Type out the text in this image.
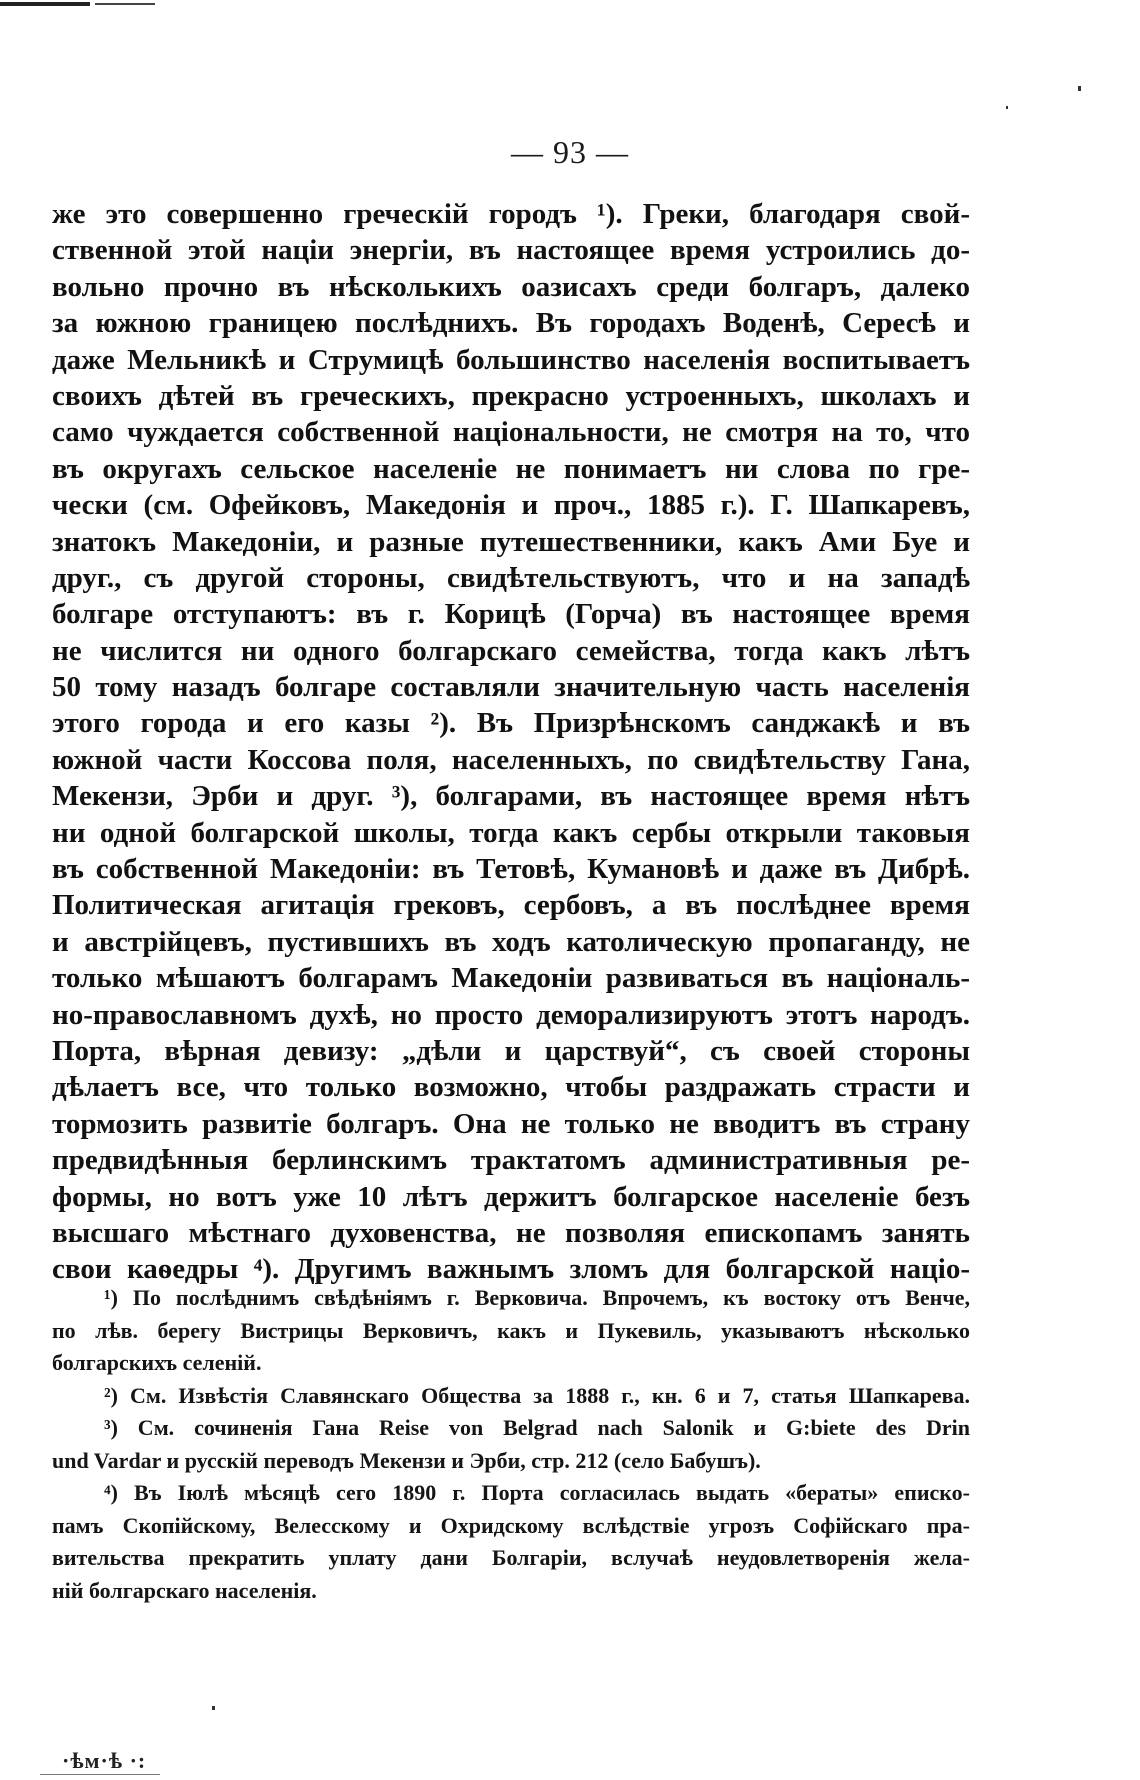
— 93 —
же это совершенно греческій городъ ¹). Греки, благодаря свой-
ственной этой націи энергіи, въ настоящее время устроились до-
вольно прочно въ нѣсколькихъ оазисахъ среди болгаръ, далеко
за южною границею послѣднихъ. Въ городахъ Воденѣ, Сересѣ и
даже Мельникѣ и Струмицѣ большинство населенія воспитываетъ
своихъ дѣтей въ греческихъ, прекрасно устроенныхъ, школахъ и
само чуждается собственной національности, не смотря на то, что
въ округахъ сельское населеніе не понимаетъ ни слова по гре-
чески (см. Офейковъ, Македонія и проч., 1885 г.). Г. Шапкаревъ,
знатокъ Македоніи, и разные путешественники, какъ Ами Буе и
друг., съ другой стороны, свидѣтельствуютъ, что и на западѣ
болгаре отступаютъ: въ г. Корицѣ (Горча) въ настоящее время
не числится ни одного болгарскаго семейства, тогда какъ лѣтъ
50 тому назадъ болгаре составляли значительную часть населенія
этого города и его казы ²). Въ Призрѣнскомъ санджакѣ и въ
южной части Коссова поля, населенныхъ, по свидѣтельству Гана,
Мекензи, Эрби и друг. ³), болгарами, въ настоящее время нѣтъ
ни одной болгарской школы, тогда какъ сербы открыли таковыя
въ собственной Македоніи: въ Тетовѣ, Кумановѣ и даже въ Дибрѣ.
Политическая агитація грековъ, сербовъ, а въ послѣднее время
и австрійцевъ, пустившихъ въ ходъ католическую пропаганду, не
только мѣшаютъ болгарамъ Македоніи развиваться въ національ-
но-православномъ духѣ, но просто деморализируютъ этотъ народъ.
Порта, вѣрная девизу: „дѣли и царствуй“, съ своей стороны
дѣлаетъ все, что только возможно, чтобы раздражать страсти и
тормозить развитіе болгаръ. Она не только не вводитъ въ страну
предвидѣнныя берлинскимъ трактатомъ административныя ре-
формы, но вотъ уже 10 лѣтъ держитъ болгарское населеніе безъ
высшаго мѣстнаго духовенства, не позволяя епископамъ занять
свои каѳедры ⁴). Другимъ важнымъ зломъ для болгарской націо-
¹) По послѣднимъ свѣдѣніямъ г. Верковича. Впрочемъ, къ востоку отъ Венче,
по лѣв. берегу Вистрицы Верковичъ, какъ и Пукевиль, указываютъ нѣсколько
болгарскихъ селеній.
²) См. Извѣстія Славянскаго Общества за 1888 г., кн. 6 и 7, статья Шапкарева.
³) См. сочиненія Гана Reise von Belgrad nach Salonik и G:biete des Drin
und Vardar и русскій переводъ Мекензи и Эрби, стр. 212 (село Бабушъ).
⁴) Въ Іюлѣ мѣсяцѣ сего 1890 г. Порта согласилась выдать «бераты» еписко-
памъ Скопійскому, Велесскому и Охридскому вслѣдствіе угрозъ Софійскаго пра-
вительства прекратить уплату дани Болгаріи, вслучаѣ неудовлетворенія жела-
ній болгарскаго населенія.
·ѣм·ѣ ·:
